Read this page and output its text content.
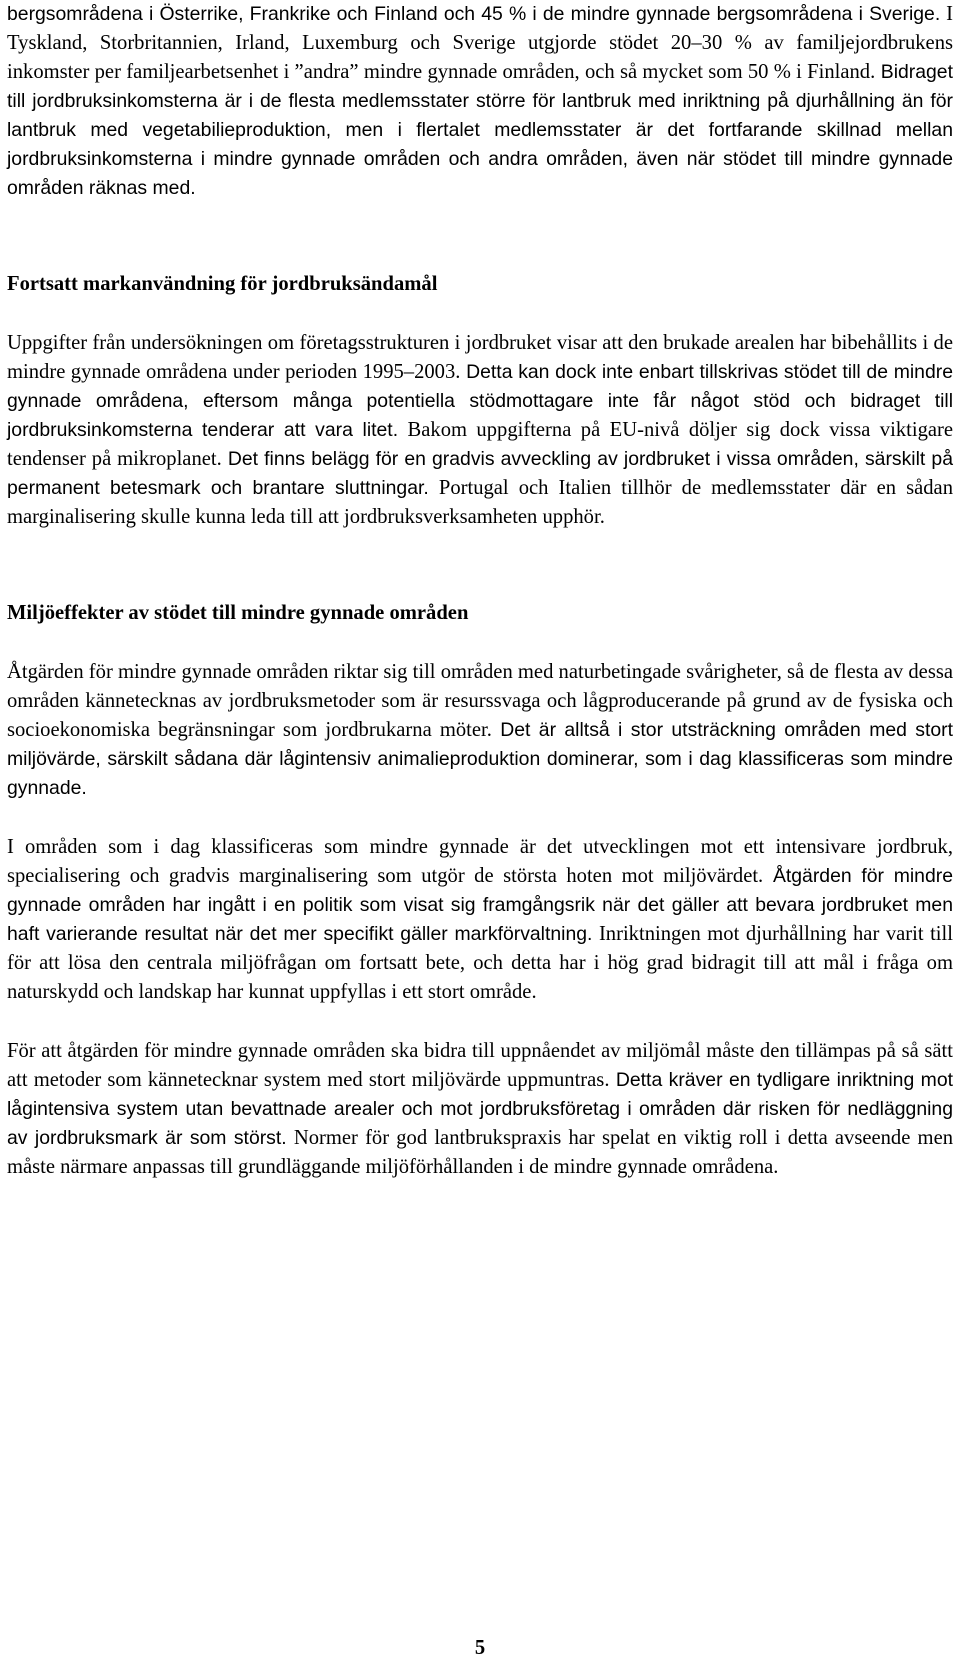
bergsområdena i Österrike, Frankrike och Finland och 45 % i de mindre gynnade bergsområdena i Sverige. I Tyskland, Storbritannien, Irland, Luxemburg och Sverige utgjorde stödet 20–30 % av familjejordbrukens inkomster per familjearbetsenhet i ”andra” mindre gynnade områden, och så mycket som 50 % i Finland. Bidraget till jordbruksinkomsterna är i de flesta medlemsstater större för lantbruk med inriktning på djurhållning än för lantbruk med vegetabilieproduktion, men i flertalet medlemsstater är det fortfarande skillnad mellan jordbruksinkomsterna i mindre gynnade områden och andra områden, även när stödet till mindre gynnade områden räknas med.

Fortsatt markanvändning för jordbruksändamål

Uppgifter från undersökningen om företagsstrukturen i jordbruket visar att den brukade arealen har bibehållits i de mindre gynnade områdena under perioden 1995–2003. Detta kan dock inte enbart tillskrivas stödet till de mindre gynnade områdena, eftersom många potentiella stödmottagare inte får något stöd och bidraget till jordbruksinkomsterna tenderar att vara litet. Bakom uppgifterna på EU-nivå döljer sig dock vissa viktigare tendenser på mikroplanet. Det finns belägg för en gradvis avveckling av jordbruket i vissa områden, särskilt på permanent betesmark och brantare sluttningar. Portugal och Italien tillhör de medlemsstater där en sådan marginalisering skulle kunna leda till att jordbruksverksamheten upphör.

Miljöeffekter av stödet till mindre gynnade områden

Åtgärden för mindre gynnade områden riktar sig till områden med naturbetingade svårigheter, så de flesta av dessa områden kännetecknas av jordbruksmetoder som är resurssvaga och lågproducerande på grund av de fysiska och socioekonomiska begränsningar som jordbrukarna möter. Det är alltså i stor utsträckning områden med stort miljövärde, särskilt sådana där lågintensiv animalieproduktion dominerar, som i dag klassificeras som mindre gynnade.

I områden som i dag klassificeras som mindre gynnade är det utvecklingen mot ett intensivare jordbruk, specialisering och gradvis marginalisering som utgör de största hoten mot miljövärdet. Åtgärden för mindre gynnade områden har ingått i en politik som visat sig framgångsrik när det gäller att bevara jordbruket men haft varierande resultat när det mer specifikt gäller markförvaltning. Inriktningen mot djurhållning har varit till för att lösa den centrala miljöfrågan om fortsatt bete, och detta har i hög grad bidragit till att mål i fråga om naturskydd och landskap har kunnat uppfyllas i ett stort område.

För att åtgärden för mindre gynnade områden ska bidra till uppnåendet av miljömål måste den tillämpas på så sätt att metoder som kännetecknar system med stort miljövärde uppmuntras. Detta kräver en tydligare inriktning mot lågintensiva system utan bevattnade arealer och mot jordbruksföretag i områden där risken för nedläggning av jordbruksmark är som störst. Normer för god lantbrukspraxis har spelat en viktig roll i detta avseende men måste närmare anpassas till grundläggande miljöförhållanden i de mindre gynnade områdena.

5
